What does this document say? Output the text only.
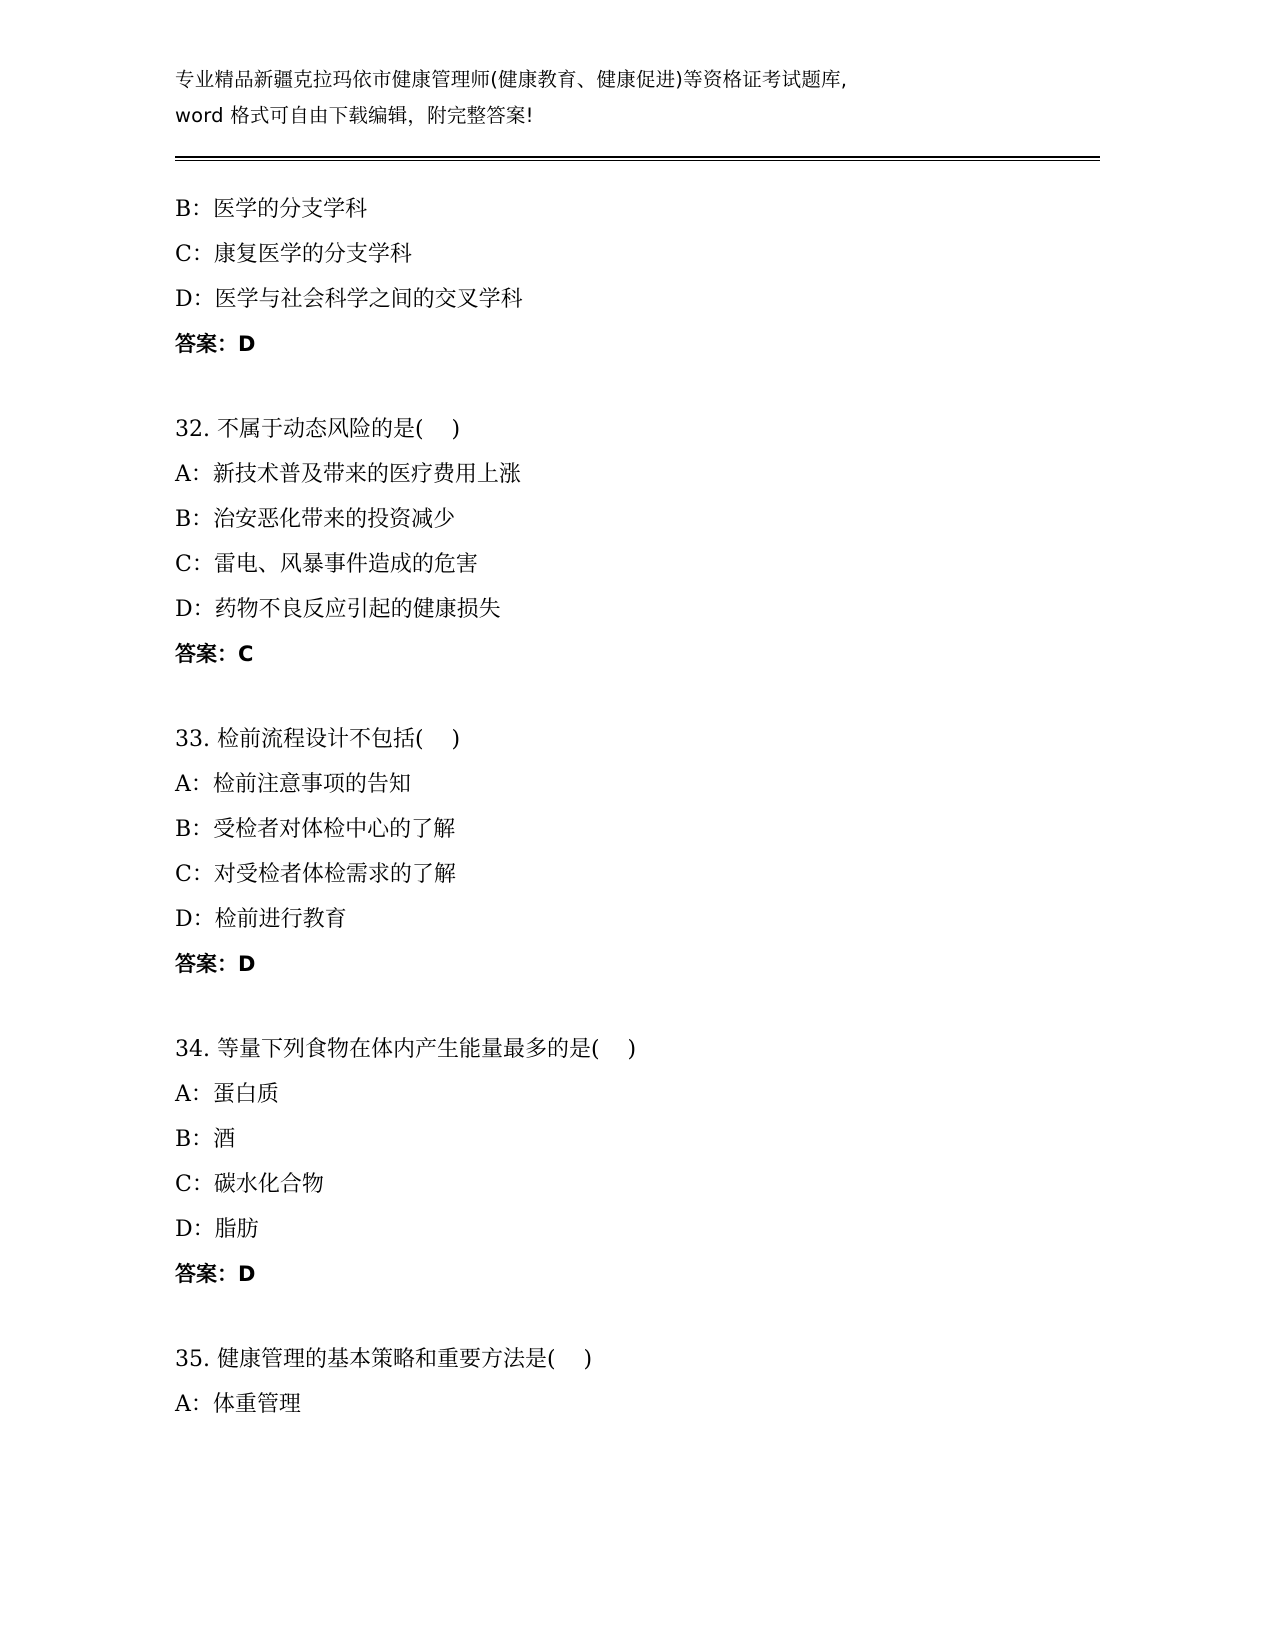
专业精品新疆克拉玛依市健康管理师(健康教育、健康促进)等资格证考试题库,
word 格式可自由下载编辑，附完整答案!
B：医学的分支学科
C：康复医学的分支学科
D：医学与社会科学之间的交叉学科
答案：D
32. 不属于动态风险的是(    )
A：新技术普及带来的医疗费用上涨
B：治安恶化带来的投资减少
C：雷电、风暴事件造成的危害
D：药物不良反应引起的健康损失
答案：C
33. 检前流程设计不包括(    )
A：检前注意事项的告知
B：受检者对体检中心的了解
C：对受检者体检需求的了解
D：检前进行教育
答案：D
34. 等量下列食物在体内产生能量最多的是(    )
A：蛋白质
B：酒
C：碳水化合物
D：脂肪
答案：D
35. 健康管理的基本策略和重要方法是(    )
A：体重管理
